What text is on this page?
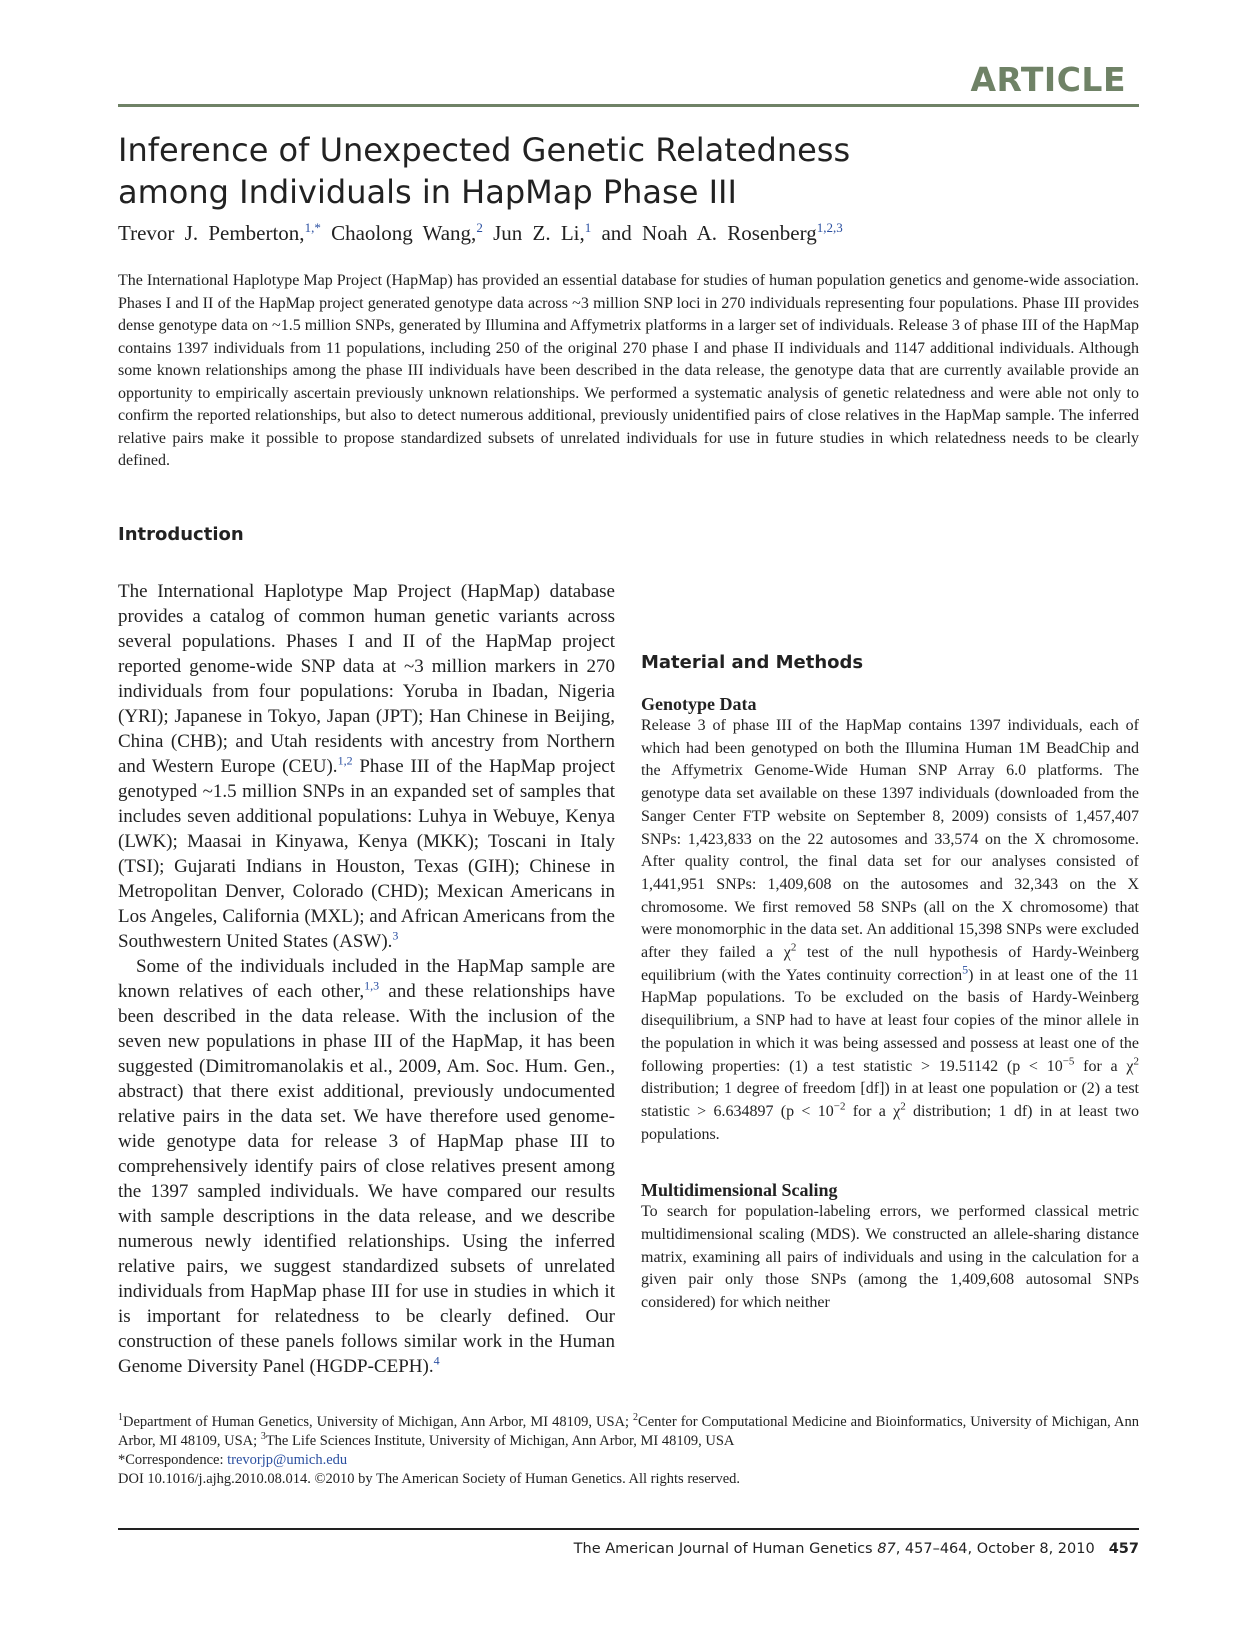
ARTICLE
Inference of Unexpected Genetic Relatedness
among Individuals in HapMap Phase III
Trevor J. Pemberton,$^{1,*}$ Chaolong Wang,$^2$ Jun Z. Li,$^1$ and Noah A. Rosenberg$^{1,2,3}$

The International Haplotype Map Project (HapMap) has provided an essential database for studies of human population genetics and genome-wide association. Phases I and II of the HapMap project generated genotype data across ~3 million SNP loci in 270 individuals representing four populations. Phase III provides dense genotype data on ~1.5 million SNPs, generated by Illumina and Affymetrix platforms in a larger set of individuals. Release 3 of phase III of the HapMap contains 1397 individuals from 11 populations, including 250 of the original 270 phase I and phase II individuals and 1147 additional individuals. Although some known relationships among the phase III individuals have been described in the data release, the genotype data that are currently available provide an opportunity to empirically ascertain previously unknown relationships. We performed a systematic analysis of genetic relatedness and were able not only to confirm the reported relationships, but also to detect numerous additional, previously unidentified pairs of close relatives in the HapMap sample. The inferred relative pairs make it possible to propose standardized subsets of unrelated individuals for use in future studies in which relatedness needs to be clearly defined.

Introduction

The International Haplotype Map Project (HapMap) database provides a catalog of common human genetic variants across several populations. Phases I and II of the HapMap project reported genome-wide SNP data at ~3 million markers in 270 individuals from four populations: Yoruba in Ibadan, Nigeria (YRI); Japanese in Tokyo, Japan (JPT); Han Chinese in Beijing, China (CHB); and Utah residents with ancestry from Northern and Western Europe (CEU).$^{1,2}$ Phase III of the HapMap project genotyped ~1.5 million SNPs in an expanded set of samples that includes seven additional populations: Luhya in Webuye, Kenya (LWK); Maasai in Kinyawa, Kenya (MKK); Toscani in Italy (TSI); Gujarati Indians in Houston, Texas (GIH); Chinese in Metropolitan Denver, Colorado (CHD); Mexican Americans in Los Angeles, California (MXL); and African Americans from the Southwestern United States (ASW).$^3$

Some of the individuals included in the HapMap sample are known relatives of each other,$^{1,3}$ and these relationships have been described in the data release. With the inclusion of the seven new populations in phase III of the HapMap, it has been suggested (Dimitromanolakis et al., 2009, Am. Soc. Hum. Gen., abstract) that there exist additional, previously undocumented relative pairs in the data set. We have therefore used genome-wide genotype data for release 3 of HapMap phase III to comprehensively identify pairs of close relatives present among the 1397 sampled individuals. We have compared our results with sample descriptions in the data release, and we describe numerous newly identified relationships. Using the inferred relative pairs, we suggest standardized subsets of unrelated individuals from HapMap phase III for use in studies in which it is important for relatedness to be clearly defined. Our construction of these panels follows similar work in the Human Genome Diversity Panel (HGDP-CEPH).$^4$

Material and Methods
Genotype Data

Release 3 of phase III of the HapMap contains 1397 individuals, each of which had been genotyped on both the Illumina Human 1M BeadChip and the Affymetrix Genome-Wide Human SNP Array 6.0 platforms. The genotype data set available on these 1397 individuals (downloaded from the Sanger Center FTP website on September 8, 2009) consists of 1,457,407 SNPs: 1,423,833 on the 22 autosomes and 33,574 on the X chromosome. After quality control, the final data set for our analyses consisted of 1,441,951 SNPs: 1,409,608 on the autosomes and 32,343 on the X chromosome. We first removed 58 SNPs (all on the X chromosome) that were monomorphic in the data set. An additional 15,398 SNPs were excluded after they failed a $\chi^2$ test of the null hypothesis of Hardy-Weinberg equilibrium (with the Yates continuity correction$^5$) in at least one of the 11 HapMap populations. To be excluded on the basis of Hardy-Weinberg disequilibrium, a SNP had to have at least four copies of the minor allele in the population in which it was being assessed and possess at least one of the following properties: (1) a test statistic > 19.51142 ($p < 10^{-5}$ for a $\chi^2$ distribution; 1 degree of freedom [df]) in at least one population or (2) a test statistic > 6.634897 ($p < 10^{-2}$ for a $\chi^2$ distribution; 1 df) in at least two populations.

Multidimensional Scaling

To search for population-labeling errors, we performed classical metric multidimensional scaling (MDS). We constructed an allele-sharing distance matrix, examining all pairs of individuals and using in the calculation for a given pair only those SNPs (among the 1,409,608 autosomal SNPs considered) for which neither

$^1$Department of Human Genetics, University of Michigan, Ann Arbor, MI 48109, USA; $^2$Center for Computational Medicine and Bioinformatics, University of Michigan, Ann Arbor, MI 48109, USA; $^3$The Life Sciences Institute, University of Michigan, Ann Arbor, MI 48109, USA

*Correspondence: trevorjp@umich.edu

DOI 10.1016/j.ajhg.2010.08.014. ©2010 by The American Society of Human Genetics. All rights reserved.

The American Journal of Human Genetics 87, 457–464, October 8, 2010 457
